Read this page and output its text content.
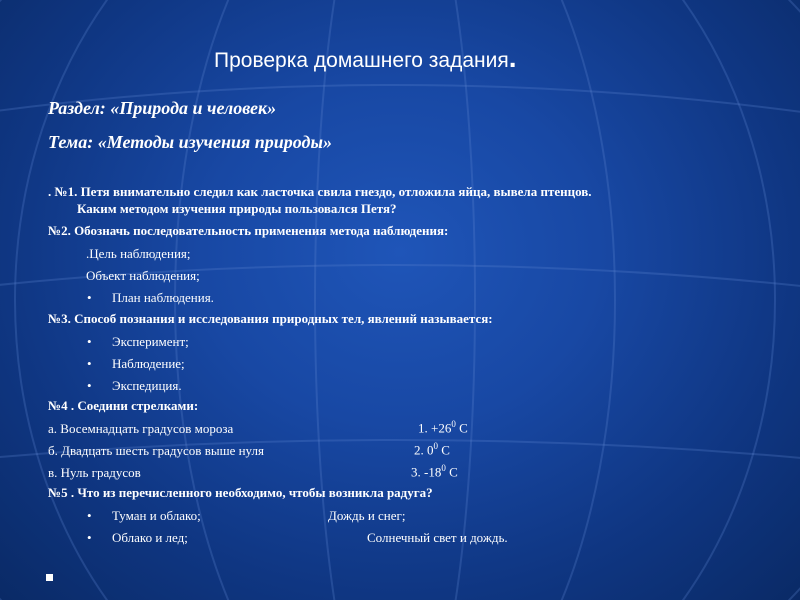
Проверка домашнего задания.
Раздел: «Природа и человек»
Тема: «Методы изучения природы»
. №1. Петя внимательно следил как ласточка свила гнездо, отложила яйца, вывела птенцов.
Каким методом изучения природы пользовался Петя?
№2. Обозначь последовательность применения метода наблюдения:
.Цель наблюдения;
Объект наблюдения;
• План наблюдения.
№3. Способ познания и исследования природных тел, явлений называется:
• Эксперимент;
• Наблюдение;
• Экспедиция.
№4 . Соедини стрелками:
а. Восемнадцать градусов мороза
б. Двадцать шесть градусов выше нуля
в. Нуль градусов
1. $+26^0$ С
2. $0^0$ С
3. $-18^0$ С
№5 . Что из перечисленного необходимо, чтобы возникла радуга?
• Туман и облако;	Дождь и снег;
• Облако и лед;	Солнечный свет и дождь.
